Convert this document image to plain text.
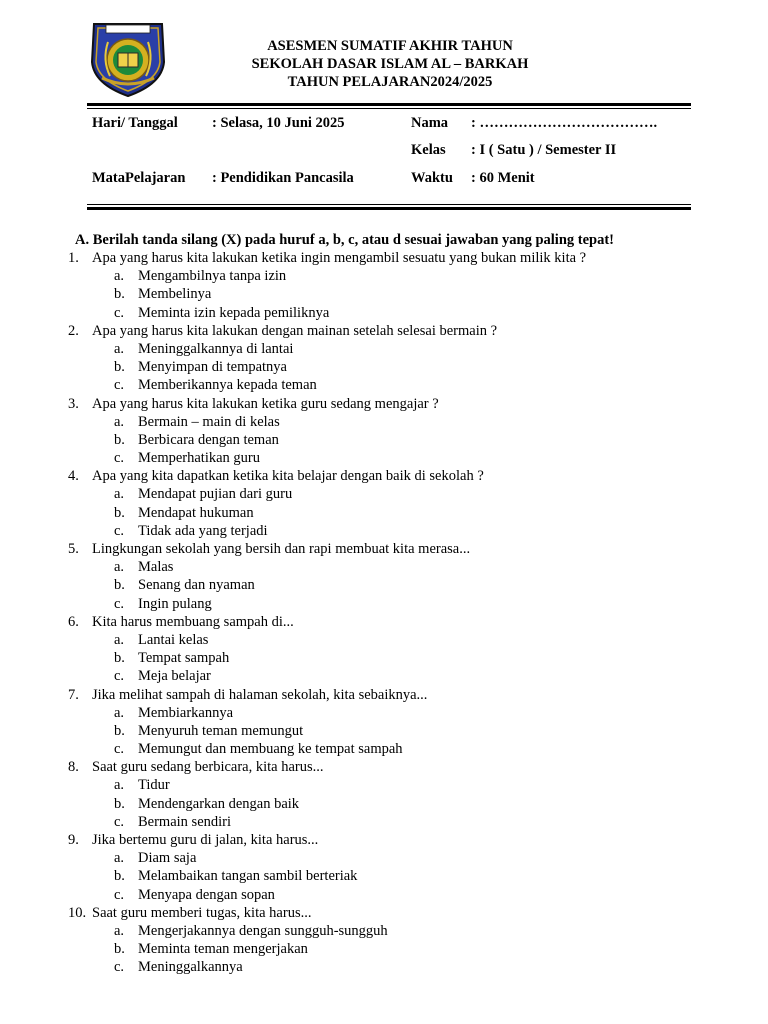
ASESMEN SUMATIF AKHIR TAHUN
SEKOLAH DASAR ISLAM AL – BARKAH
TAHUN PELAJARAN2024/2025
Hari/ Tanggal : Selasa, 10 Juni 2025	Nama : ……………………………….
Kelas : I ( Satu ) / Semester II
MataPelajaran : Pendidikan Pancasila	Waktu : 60 Menit
A. Berilah tanda silang (X) pada huruf a, b, c, atau d sesuai jawaban yang paling tepat!
1. Apa yang harus kita lakukan ketika ingin mengambil sesuatu yang bukan milik kita ?
a. Mengambilnya tanpa izin
b. Membelinya
c. Meminta izin kepada pemiliknya
2. Apa yang harus kita lakukan dengan mainan setelah selesai bermain ?
a. Meninggalkannya di lantai
b. Menyimpan di tempatnya
c. Memberikannya kepada teman
3. Apa yang harus kita lakukan ketika guru sedang mengajar ?
a. Bermain – main di kelas
b. Berbicara dengan teman
c. Memperhatikan guru
4. Apa yang kita dapatkan ketika kita belajar dengan baik di sekolah ?
a. Mendapat pujian dari guru
b. Mendapat hukuman
c. Tidak ada yang terjadi
5. Lingkungan sekolah yang bersih dan rapi membuat kita merasa...
a. Malas
b. Senang dan nyaman
c. Ingin pulang
6. Kita harus membuang sampah di...
a. Lantai kelas
b. Tempat sampah
c. Meja belajar
7. Jika melihat sampah di halaman sekolah, kita sebaiknya...
a. Membiarkannya
b. Menyuruh teman memungut
c. Memungut dan membuang ke tempat sampah
8. Saat guru sedang berbicara, kita harus...
a. Tidur
b. Mendengarkan dengan baik
c. Bermain sendiri
9. Jika bertemu guru di jalan, kita harus...
a. Diam saja
b. Melambaikan tangan sambil berteriak
c. Menyapa dengan sopan
10. Saat guru memberi tugas, kita harus...
a. Mengerjakannya dengan sungguh-sungguh
b. Meminta teman mengerjakan
c. Meninggalkannya
